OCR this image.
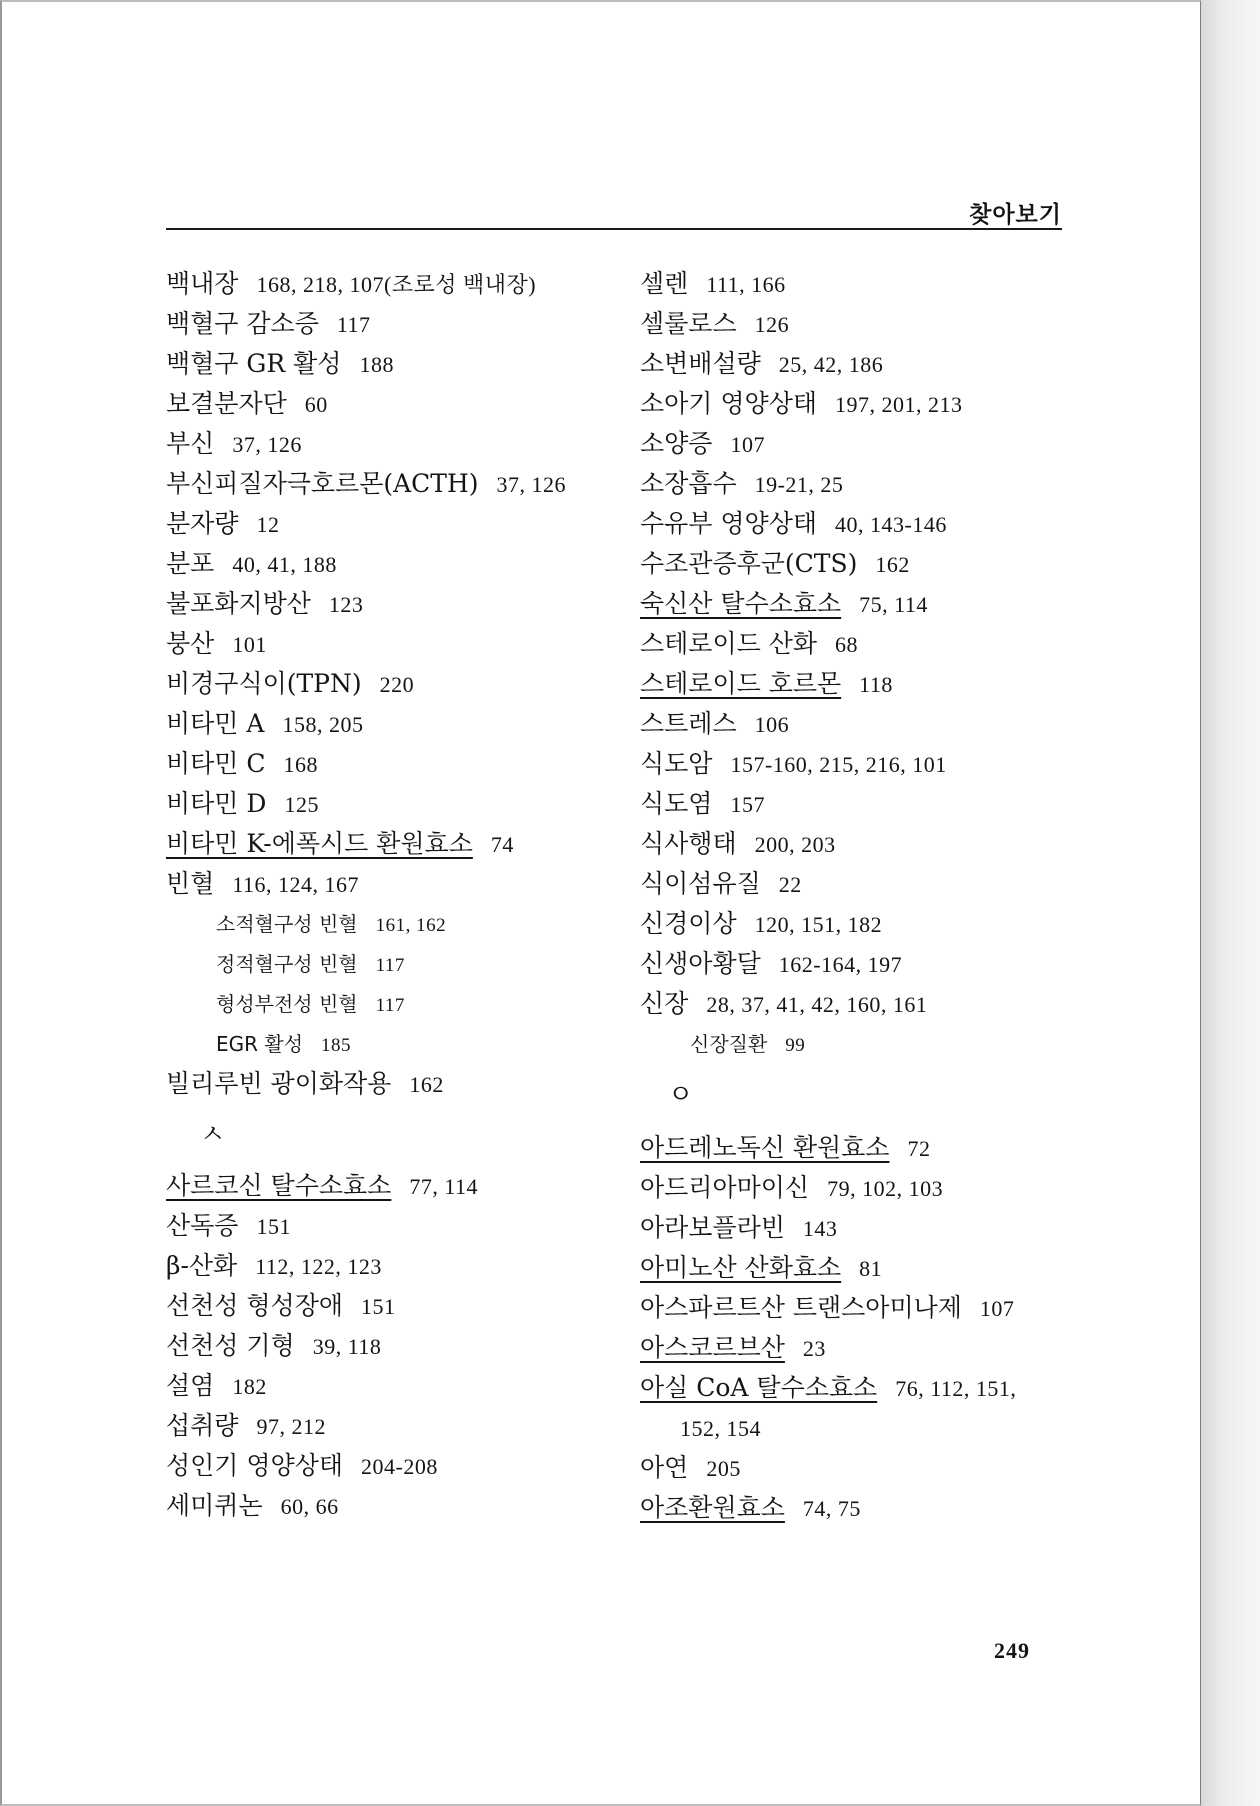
찾아보기
백내장 168, 218, 107(조로성 백내장)
백혈구 감소증 117
백혈구 GR 활성 188
보결분자단 60
부신 37, 126
부신피질자극호르몬(ACTH) 37, 126
분자량 12
분포 40, 41, 188
불포화지방산 123
붕산 101
비경구식이(TPN) 220
비타민 A 158, 205
비타민 C 168
비타민 D 125
비타민 K-에폭시드 환원효소 74
빈혈 116, 124, 167
소적혈구성 빈혈 161, 162
정적혈구성 빈혈 117
형성부전성 빈혈 117
EGR 활성 185
빌리루빈 광이화작용 162
ㅅ
사르코신 탈수소효소 77, 114
산독증 151
β-산화 112, 122, 123
선천성 형성장애 151
선천성 기형 39, 118
설염 182
섭취량 97, 212
성인기 영양상태 204-208
세미퀴논 60, 66
셀렌 111, 166
셀룰로스 126
소변배설량 25, 42, 186
소아기 영양상태 197, 201, 213
소양증 107
소장흡수 19-21, 25
수유부 영양상태 40, 143-146
수조관증후군(CTS) 162
숙신산 탈수소효소 75, 114
스테로이드 산화 68
스테로이드 호르몬 118
스트레스 106
식도암 157-160, 215, 216, 101
식도염 157
식사행태 200, 203
식이섬유질 22
신경이상 120, 151, 182
신생아황달 162-164, 197
신장 28, 37, 41, 42, 160, 161
신장질환 99
ㅇ
아드레노독신 환원효소 72
아드리아마이신 79, 102, 103
아라보플라빈 143
아미노산 산화효소 81
아스파르트산 트랜스아미나제 107
아스코르브산 23
아실 CoA 탈수소효소 76, 112, 151,
152, 154
아연 205
아조환원효소 74, 75
249
